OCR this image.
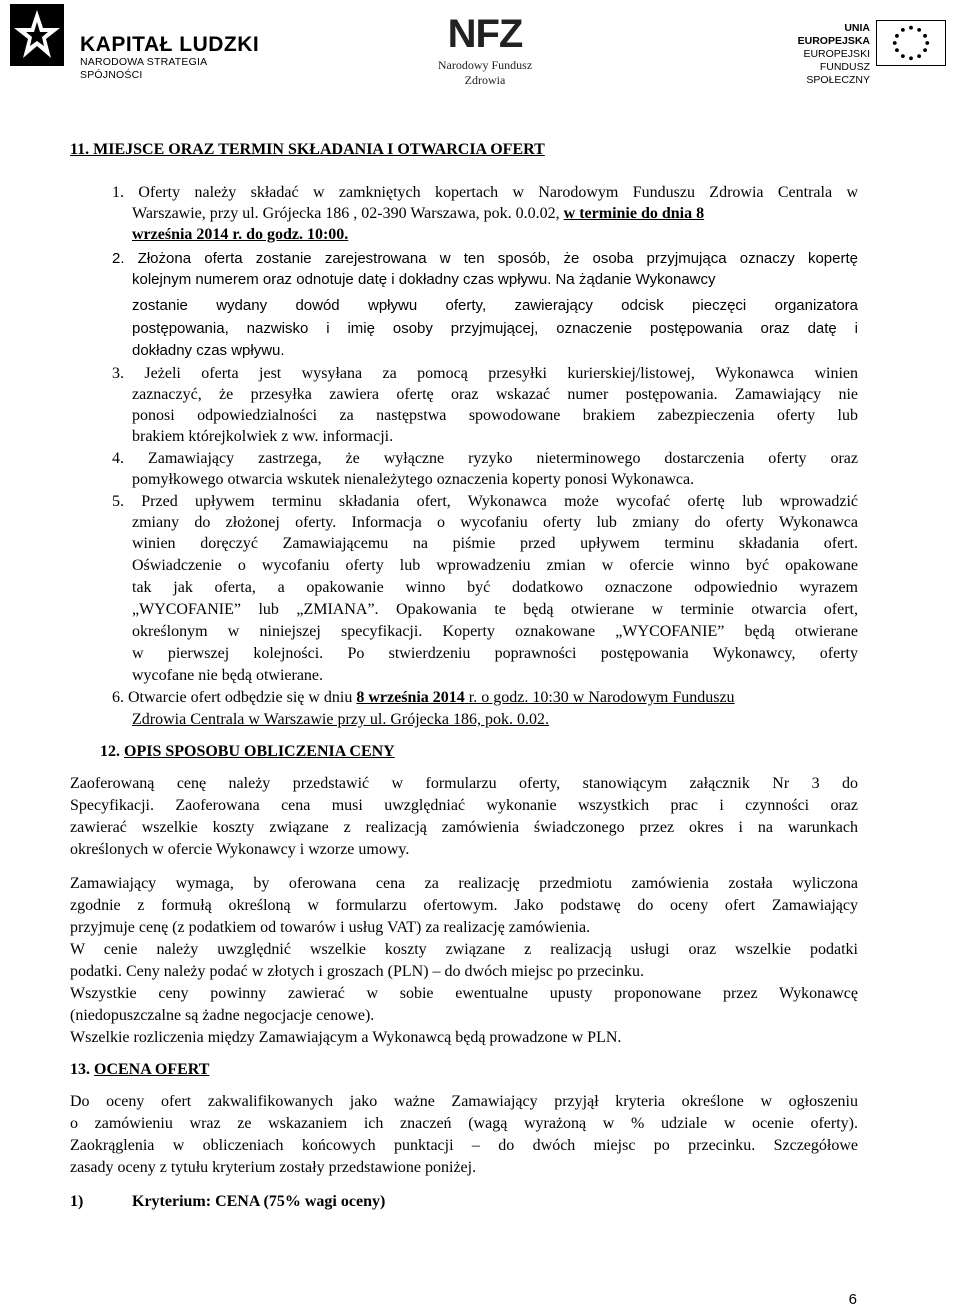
KAPITAŁ LUDZKI
NARODOWA STRATEGIA SPÓJNOŚCI
NFZ
Narodowy Fundusz Zdrowia
UNIA EUROPEJSKA
EUROPEJSKI
FUNDUSZ SPOŁECZNY
11. MIEJSCE ORAZ TERMIN SKŁADANIA I OTWARCIA OFERT
1. Oferty należy składać w zamkniętych kopertach w Narodowym Funduszu Zdrowia Centrala w
Warszawie, przy ul. Grójecka 186 , 02-390 Warszawa, pok. 0.0.02, w terminie do dnia 8
września 2014 r. do godz. 10:00.
2. Złożona oferta zostanie zarejestrowana w ten sposób, że osoba przyjmująca oznaczy kopertę
kolejnym numerem oraz odnotuje datę i dokładny czas wpływu. Na żądanie Wykonawcy
zostanie wydany dowód wpływu oferty, zawierający odcisk pieczęci organizatora
postępowania, nazwisko i imię osoby przyjmującej, oznaczenie postępowania oraz datę i
dokładny czas wpływu.
3. Jeżeli oferta jest wysyłana za pomocą przesyłki kurierskiej/listowej, Wykonawca winien
zaznaczyć, że przesyłka zawiera ofertę oraz wskazać numer postępowania. Zamawiający nie
ponosi odpowiedzialności za następstwa spowodowane brakiem zabezpieczenia oferty lub
brakiem którejkolwiek z ww. informacji.
4. Zamawiający zastrzega, że wyłączne ryzyko nieterminowego dostarczenia oferty oraz
pomyłkowego otwarcia wskutek nienależytego oznaczenia koperty ponosi Wykonawca.
5. Przed upływem terminu składania ofert, Wykonawca może wycofać ofertę lub wprowadzić
zmiany do złożonej oferty. Informacja o wycofaniu oferty lub zmiany do oferty Wykonawca
winien doręczyć Zamawiającemu na piśmie przed upływem terminu składania ofert.
Oświadczenie o wycofaniu oferty lub wprowadzeniu zmian w ofercie winno być opakowane
tak jak oferta, a opakowanie winno być dodatkowo oznaczone odpowiednio wyrazem
„WYCOFANIE” lub „ZMIANA”. Opakowania te będą otwierane w terminie otwarcia ofert,
określonym w niniejszej specyfikacji. Koperty oznakowane „WYCOFANIE” będą otwierane
w pierwszej kolejności. Po stwierdzeniu poprawności postępowania Wykonawcy, oferty
wycofane nie będą otwierane.
6. Otwarcie ofert odbędzie się w dniu 8 września 2014 r. o godz. 10:30 w Narodowym Funduszu
Zdrowia Centrala w Warszawie przy ul. Grójecka 186, pok. 0.02.
12. OPIS SPOSOBU OBLICZENIA CENY
Zaoferowaną cenę należy przedstawić w formularzu oferty, stanowiącym załącznik Nr 3 do
Specyfikacji. Zaoferowana cena musi uwzględniać wykonanie wszystkich prac i czynności oraz
zawierać wszelkie koszty związane z realizacją zamówienia świadczonego przez okres i na warunkach
określonych w ofercie Wykonawcy i wzorze umowy.
Zamawiający wymaga, by oferowana cena za realizację przedmiotu zamówienia została wyliczona
zgodnie z formułą określoną w formularzu ofertowym. Jako podstawę do oceny ofert Zamawiający
przyjmuje cenę (z podatkiem od towarów i usług VAT) za realizację zamówienia.
W cenie należy uwzględnić wszelkie koszty związane z realizacją usługi oraz wszelkie podatki
podatki. Ceny należy podać w złotych i groszach (PLN) – do dwóch miejsc po przecinku.
Wszystkie ceny powinny zawierać w sobie ewentualne upusty proponowane przez Wykonawcę
(niedopuszczalne są żadne negocjacje cenowe).
Wszelkie rozliczenia między Zamawiającym a Wykonawcą będą prowadzone w PLN.
13. OCENA OFERT
Do oceny ofert zakwalifikowanych jako ważne Zamawiający przyjął kryteria określone w ogłoszeniu
o zamówieniu wraz ze wskazaniem ich znaczeń (wagą wyrażoną w % udziale w ocenie oferty).
Zaokrąglenia w obliczeniach końcowych punktacji – do dwóch miejsc po przecinku. Szczegółowe
zasady oceny z tytułu kryterium zostały przedstawione poniżej.
1)	Kryterium: CENA (75% wagi oceny)
6
